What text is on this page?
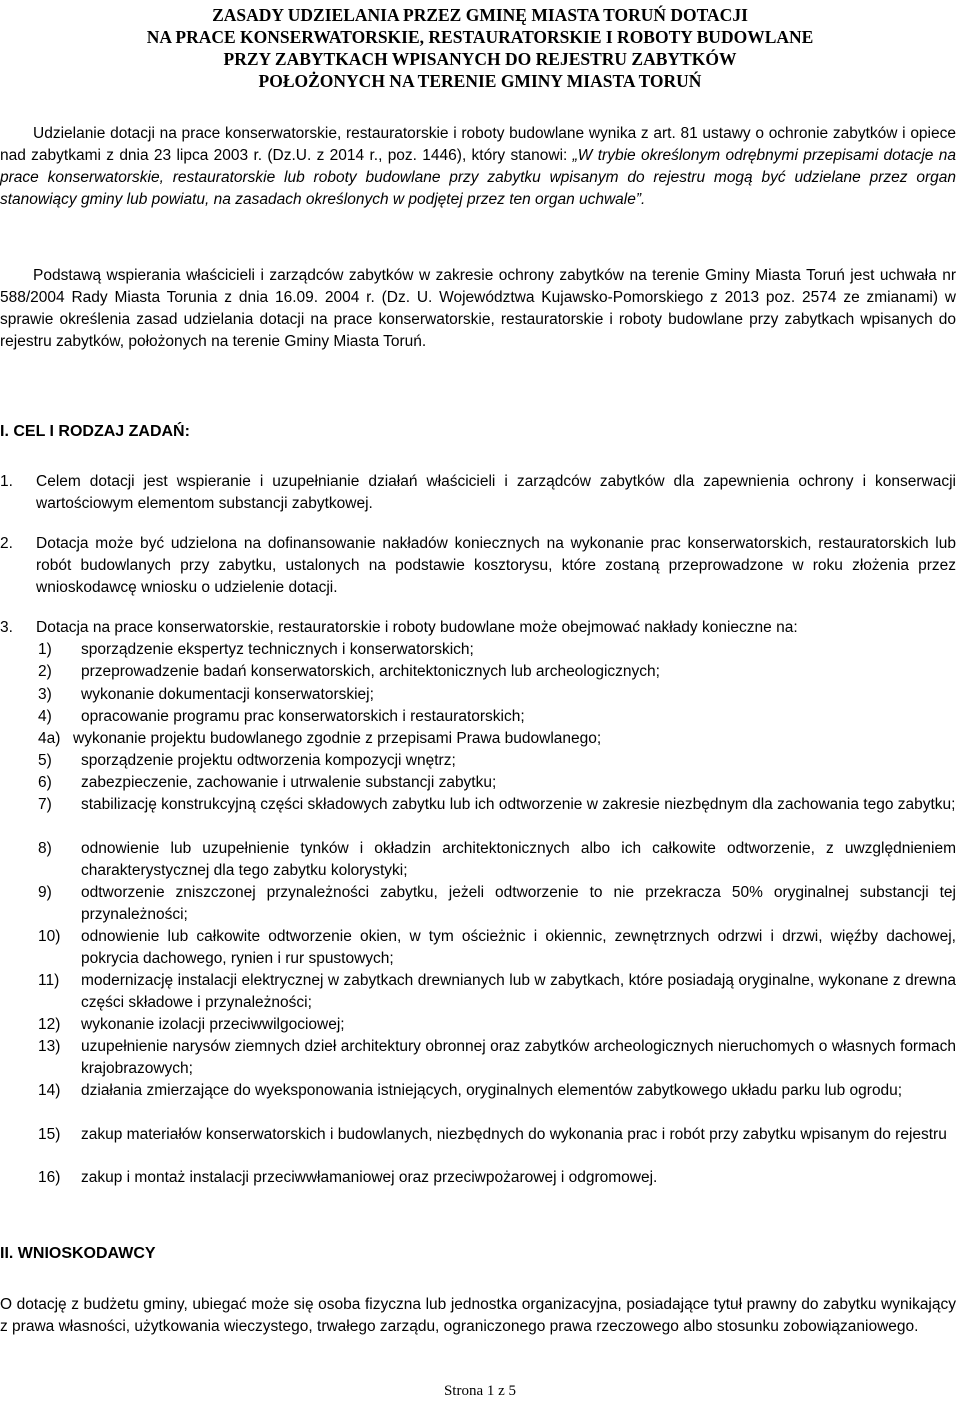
ZASADY UDZIELANIA PRZEZ GMINĘ MIASTA TORUŃ DOTACJI
NA PRACE KONSERWATORSKIE, RESTAURATORSKIE I ROBOTY BUDOWLANE
PRZY ZABYTKACH WPISANYCH DO REJESTRU ZABYTKÓW
POŁOŻONYCH NA TERENIE GMINY MIASTA TORUŃ
Udzielanie dotacji na prace konserwatorskie, restauratorskie i roboty budowlane wynika z art. 81 ustawy o ochronie zabytków i opiece nad zabytkami z dnia 23 lipca 2003 r. (Dz.U. z 2014 r., poz. 1446), który stanowi: „W trybie określonym odrębnymi przepisami dotacje na prace konserwatorskie, restauratorskie lub roboty budowlane przy zabytku wpisanym do rejestru mogą być udzielane przez organ stanowiący gminy lub powiatu, na zasadach określonych w podjętej przez ten organ uchwale”.
Podstawą wspierania właścicieli i zarządców zabytków w zakresie ochrony zabytków na terenie Gminy Miasta Toruń jest uchwała nr 588/2004 Rady Miasta Torunia z dnia 16.09. 2004 r. (Dz. U. Województwa Kujawsko-Pomorskiego z 2013 poz. 2574 ze zmianami) w sprawie określenia zasad udzielania dotacji na prace konserwatorskie, restauratorskie i roboty budowlane przy zabytkach wpisanych do rejestru zabytków, położonych na terenie Gminy Miasta Toruń.
I. CEL I RODZAJ ZADAŃ:
1. Celem dotacji jest wspieranie i uzupełnianie działań właścicieli i zarządców zabytków dla zapewnienia ochrony i konserwacji wartościowym elementom substancji zabytkowej.
2. Dotacja może być udzielona na dofinansowanie nakładów koniecznych na wykonanie prac konserwatorskich, restauratorskich lub robót budowlanych przy zabytku, ustalonych na podstawie kosztorysu, które zostaną przeprowadzone w roku złożenia przez wnioskodawcę wniosku o udzielenie dotacji.
3. Dotacja na prace konserwatorskie, restauratorskie i roboty budowlane może obejmować nakłady konieczne na:
1) sporządzenie ekspertyz technicznych i konserwatorskich;
2) przeprowadzenie badań konserwatorskich, architektonicznych lub archeologicznych;
3) wykonanie dokumentacji konserwatorskiej;
4) opracowanie programu prac konserwatorskich i restauratorskich;
4a) wykonanie projektu budowlanego zgodnie z przepisami Prawa budowlanego;
5) sporządzenie projektu odtworzenia kompozycji wnętrz;
6) zabezpieczenie, zachowanie i utrwalenie substancji zabytku;
7) stabilizację konstrukcyjną części składowych zabytku lub ich odtworzenie w zakresie niezbędnym dla zachowania tego zabytku;
8) odnowienie lub uzupełnienie tynków i okładzin architektonicznych albo ich całkowite odtworzenie, z uwzględnieniem charakterystycznej dla tego zabytku kolorystyki;
9) odtworzenie zniszczonej przynależności zabytku, jeżeli odtworzenie to nie przekracza 50% oryginalnej substancji tej przynależności;
10) odnowienie lub całkowite odtworzenie okien, w tym ościeżnic i okiennic, zewnętrznych odrzwi i drzwi, więźby dachowej, pokrycia dachowego, rynien i rur spustowych;
11) modernizację instalacji elektrycznej w zabytkach drewnianych lub w zabytkach, które posiadają oryginalne, wykonane z drewna części składowe i przynależności;
12) wykonanie izolacji przeciwwilgociowej;
13) uzupełnienie narysów ziemnych dzieł architektury obronnej oraz zabytków archeologicznych nieruchomych o własnych formach krajobrazowych;
14) działania zmierzające do wyeksponowania istniejących, oryginalnych elementów zabytkowego układu parku lub ogrodu;
15) zakup materiałów konserwatorskich i budowlanych, niezbędnych do wykonania prac i robót przy zabytku wpisanym do rejestru
16) zakup i montaż instalacji przeciwwłamaniowej oraz przeciwpożarowej i odgromowej.
II. WNIOSKODAWCY
O dotację z budżetu gminy, ubiegać może się osoba fizyczna lub jednostka organizacyjna, posiadające tytuł prawny do zabytku wynikający z prawa własności, użytkowania wieczystego, trwałego zarządu, ograniczonego prawa rzeczowego albo stosunku zobowiązaniowego.
Strona 1 z 5
